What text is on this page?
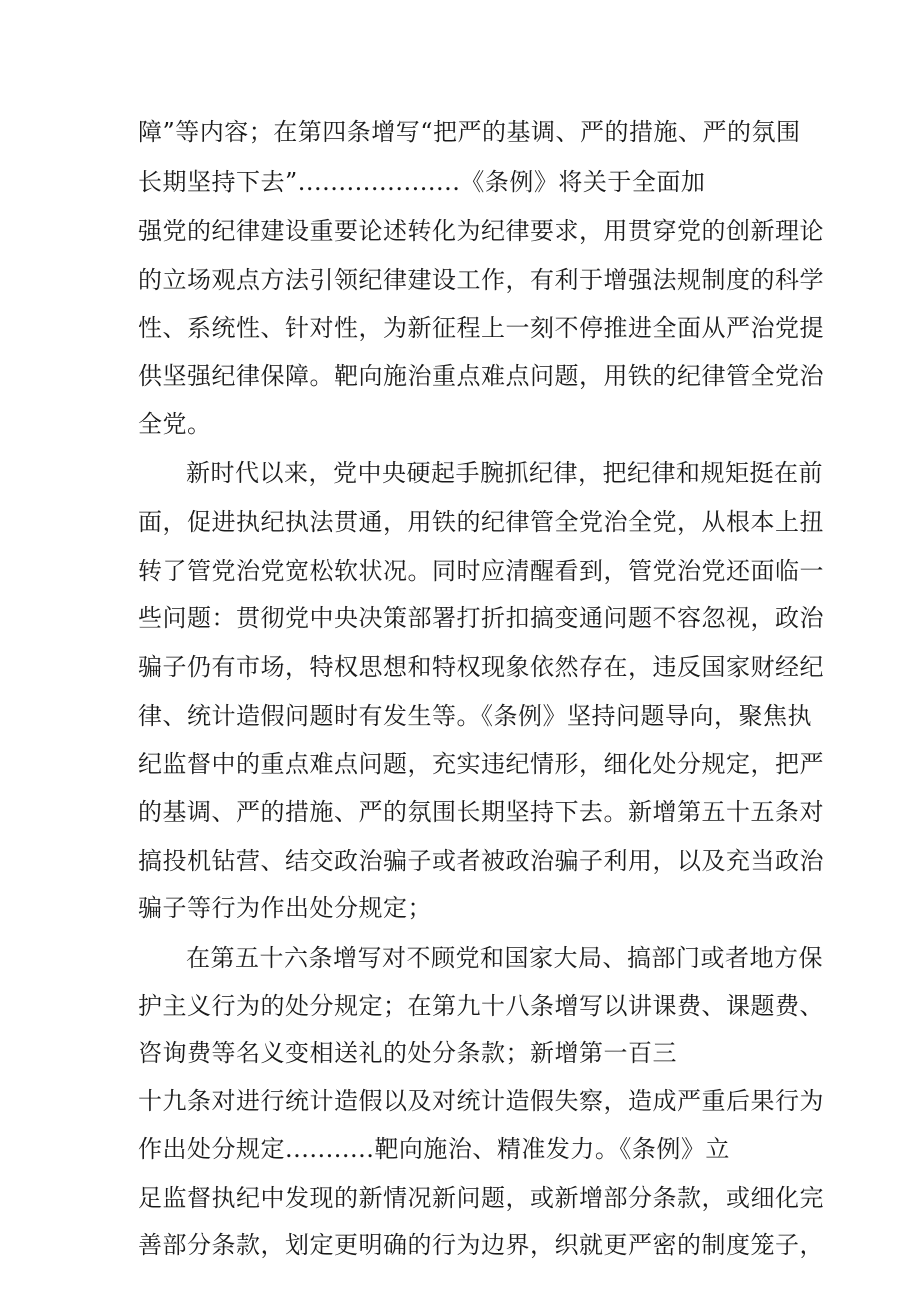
障”等内容；在第四条增写“把严的基调、严的措施、严的氛围

长期坚持下去”....................《条例》将关于全面加

强党的纪律建设重要论述转化为纪律要求，用贯穿党的创新理论

的立场观点方法引领纪律建设工作，有利于增强法规制度的科学

性、系统性、针对性，为新征程上一刻不停推进全面从严治党提

供坚强纪律保障。靶向施治重点难点问题，用铁的纪律管全党治

全党。

新时代以来，党中央硬起手腕抓纪律，把纪律和规矩挺在前

面，促进执纪执法贯通，用铁的纪律管全党治全党，从根本上扭

转了管党治党宽松软状况。同时应清醒看到，管党治党还面临一

些问题：贯彻党中央决策部署打折扣搞变通问题不容忽视，政治

骗子仍有市场，特权思想和特权现象依然存在，违反国家财经纪

律、统计造假问题时有发生等。《条例》坚持问题导向，聚焦执

纪监督中的重点难点问题，充实违纪情形，细化处分规定，把严

的基调、严的措施、严的氛围长期坚持下去。新增第五十五条对

搞投机钻营、结交政治骗子或者被政治骗子利用，以及充当政治

骗子等行为作出处分规定；

在第五十六条增写对不顾党和国家大局、搞部门或者地方保

护主义行为的处分规定；在第九十八条增写以讲课费、课题费、

咨询费等名义变相送礼的处分条款；新增第一百三

十九条对进行统计造假以及对统计造假失察，造成严重后果行为

作出处分规定...........靶向施治、精准发力。《条例》立

足监督执纪中发现的新情况新问题，或新增部分条款，或细化完

善部分条款，划定更明确的行为边界，织就更严密的制度笼子，
